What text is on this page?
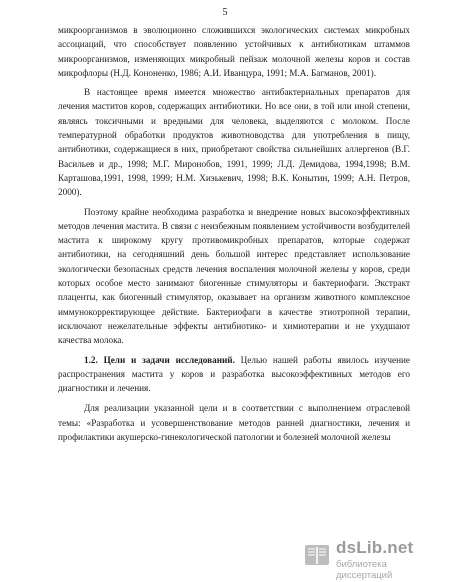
5

микроорганизмов в эволюционно сложившихся экологических системах микробных ассоциаций, что способствует появлению устойчивых к антибиотикам штаммов микроорганизмов, изменяющих микробный пейзаж молочной железы коров и состав микрофлоры (Н.Д. Кононенко, 1986; А.И. Иванцура, 1991; М.А. Багманов, 2001).

В настоящее время имеется множество антибактериальных препаратов для лечения маститов коров, содержащих антибиотики. Но все они, в той или иной степени, являясь токсичными и вредными для человека, выделяются с молоком. После температурной обработки продуктов животноводства для употребления в пищу, антибиотики, содержащиеся в них, приобретают свойства сильнейших аллергенов (В.Г. Васильев и др., 1998; М.Г. Миронобов, 1991, 1999; Л.Д. Демидова, 1994,1998; В.М. Карташова,1991, 1998, 1999; Н.М. Хиэькевич, 1998; В.К. Конытин, 1999; А.Н. Петров, 2000).

Поэтому крайне необходима разработка и внедрение новых высокоэффективных методов лечения мастита. В связи с неизбежным появлением устойчивости возбудителей мастита к широкому кругу противомикробных препаратов, которые содержат антибиотики, на сегодняшний день большой интерес представляет использование экологически безопасных средств лечения воспаления молочной железы у коров, среди которых особое место занимают биогенные стимуляторы и бактериофаги. Экстракт плаценты, как биогенный стимулятор, оказывает на организм животного комплексное иммунокорректирующее действие. Бактериофаги в качестве этиотропной терапии, исключают нежелательные эффекты антибиотико- и химиотерапии и не ухудшают качества молока.

1.2. Цели и задачи исследований. Целью нашей работы явилось изучение распространения мастита у коров и разработка высокоэффективных методов его диагностики и лечения.

Для реализации указанной цели и в соответствии с выполнением отраслевой темы: «Разработка и усовершенствование методов ранней диагностики, лечения и профилактики акушерско-гинекологической патологии и болезней молочной железы

dsLib.net
библиотека диссертаций
